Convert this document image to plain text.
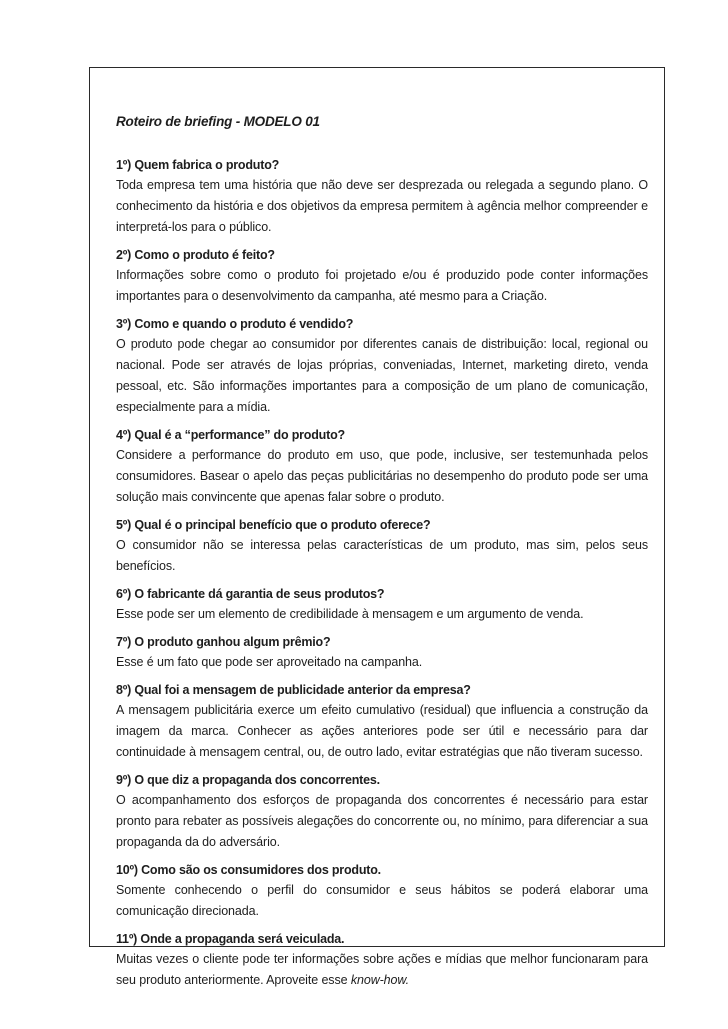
Roteiro de briefing - MODELO 01
1º) Quem fabrica o produto?

Toda empresa tem uma história que não deve ser desprezada ou relegada a segundo plano. O conhecimento da história e dos objetivos da empresa permitem à agência melhor compreender e interpretá-los para o público.

2º) Como o produto é feito?

Informações sobre como o produto foi projetado e/ou é produzido pode conter informações importantes para o desenvolvimento da campanha, até mesmo para a Criação.

3º) Como e quando o produto é vendido?

O produto pode chegar ao consumidor por diferentes canais de distribuição: local, regional ou nacional. Pode ser através de lojas próprias, conveniadas, Internet, marketing direto, venda pessoal, etc. São informações importantes para a composição de um plano de comunicação, especialmente para a mídia.

4º) Qual é a “performance” do produto?

Considere a performance do produto em uso, que pode, inclusive, ser testemunhada pelos consumidores. Basear o apelo das peças publicitárias no desempenho do produto pode ser uma solução mais convincente que apenas falar sobre o produto.

5º) Qual é o principal benefício que o produto oferece?

O consumidor não se interessa pelas características de um produto, mas sim, pelos seus benefícios.

6º) O fabricante dá garantia de seus produtos?

Esse pode ser um elemento de credibilidade à mensagem e um argumento de venda.

7º) O produto ganhou algum prêmio?

Esse é um fato que pode ser aproveitado na campanha.

8º) Qual foi a mensagem de publicidade anterior da empresa?

A mensagem publicitária exerce um efeito cumulativo (residual) que influencia a construção da imagem da marca. Conhecer as ações anteriores pode ser útil e necessário para dar continuidade à mensagem central, ou, de outro lado, evitar estratégias que não tiveram sucesso.

9º) O que diz a propaganda dos concorrentes.

O acompanhamento dos esforços de propaganda dos concorrentes é necessário para estar pronto para rebater as possíveis alegações do concorrente ou, no mínimo, para diferenciar a sua propaganda da do adversário.

10º) Como são os consumidores dos produto.

Somente conhecendo o perfil do consumidor e seus hábitos se poderá elaborar uma comunicação direcionada.

11º) Onde a propaganda será veiculada.

Muitas vezes o cliente pode ter informações sobre ações e mídias que melhor funcionaram para seu produto anteriormente. Aproveite esse know-how.
